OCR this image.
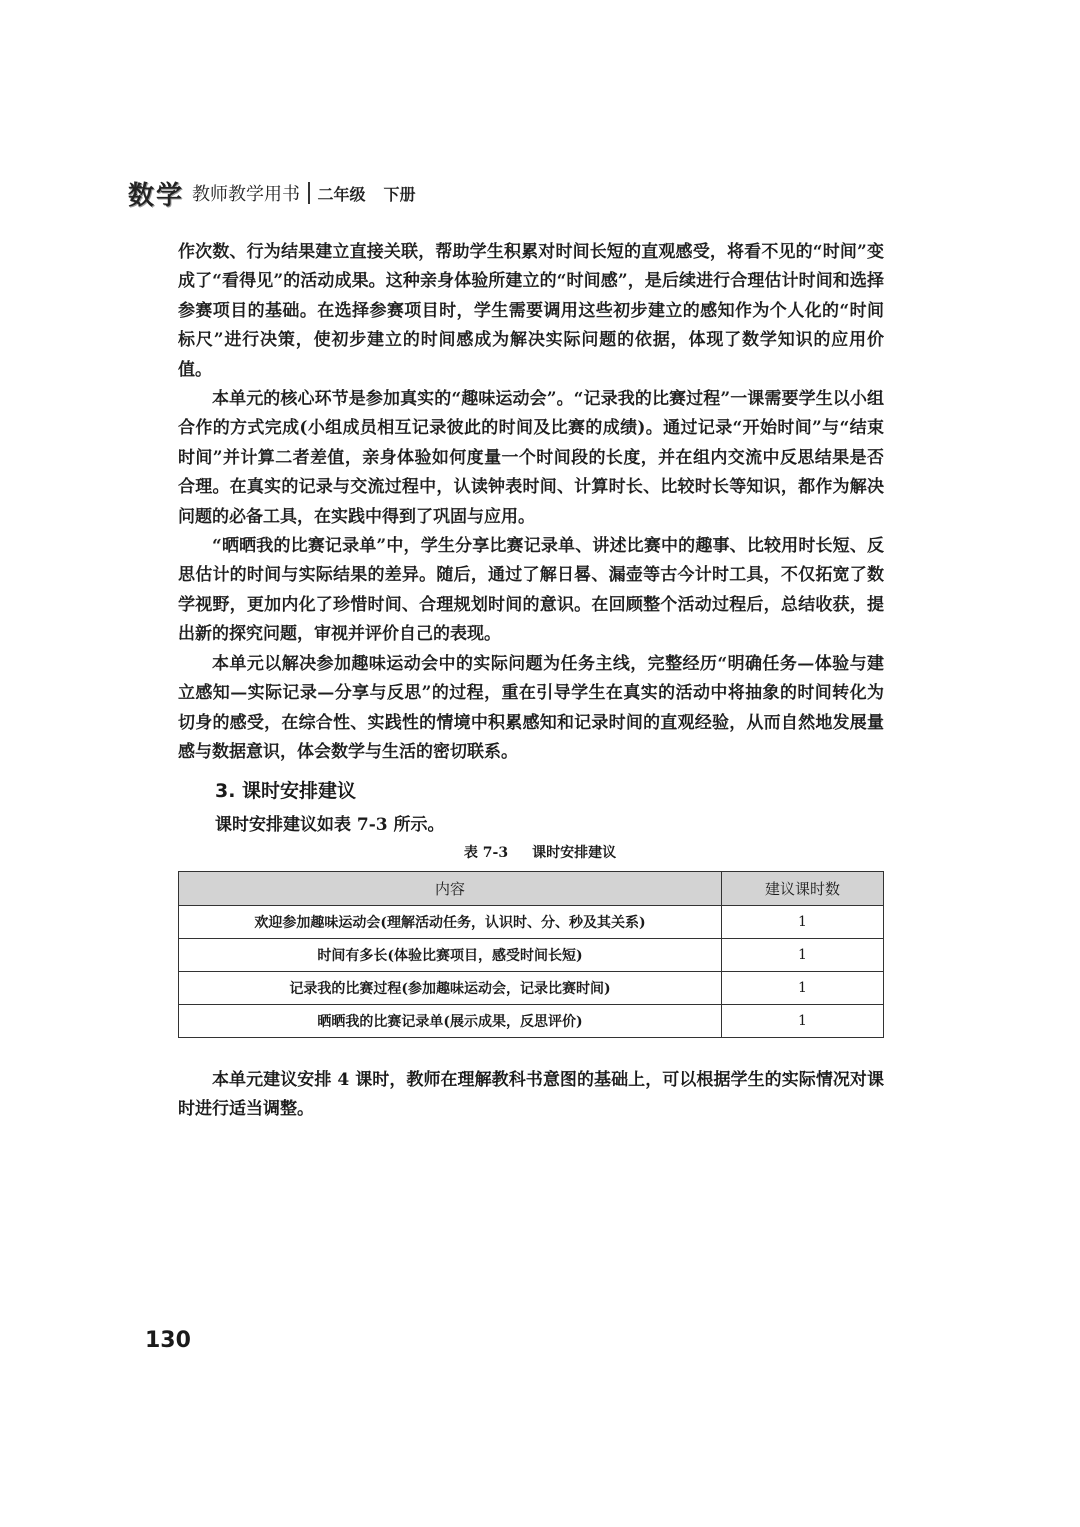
数学 教师教学用书 二年级 下册

作次数、行为结果建立直接关联，帮助学生积累对时间长短的直观感受，将看不见的“时间”变成了“看得见”的活动成果。这种亲身体验所建立的“时间感”，是后续进行合理估计时间和选择参赛项目的基础。在选择参赛项目时，学生需要调用这些初步建立的感知作为个人化的“时间标尺”进行决策，使初步建立的时间感成为解决实际问题的依据，体现了数学知识的应用价值。

本单元的核心环节是参加真实的“趣味运动会”。“记录我的比赛过程”一课需要学生以小组合作的方式完成(小组成员相互记录彼此的时间及比赛的成绩)。通过记录“开始时间”与“结束时间”并计算二者差值，亲身体验如何度量一个时间段的长度，并在组内交流中反思结果是否合理。在真实的记录与交流过程中，认读钟表时间、计算时长、比较时长等知识，都作为解决问题的必备工具，在实践中得到了巩固与应用。

“晒晒我的比赛记录单”中，学生分享比赛记录单、讲述比赛中的趣事、比较用时长短、反思估计的时间与实际结果的差异。随后，通过了解日晷、漏壶等古今计时工具，不仅拓宽了数学视野，更加内化了珍惜时间、合理规划时间的意识。在回顾整个活动过程后，总结收获，提出新的探究问题，审视并评价自己的表现。

本单元以解决参加趣味运动会中的实际问题为任务主线，完整经历“明确任务—体验与建立感知—实际记录—分享与反思”的过程，重在引导学生在真实的活动中将抽象的时间转化为切身的感受，在综合性、实践性的情境中积累感知和记录时间的直观经验，从而自然地发展量感与数据意识，体会数学与生活的密切联系。

3. 课时安排建议
课时安排建议如表 7-3 所示。
表 7-3 课时安排建议
内容	建议课时数
欢迎参加趣味运动会(理解活动任务，认识时、分、秒及其关系)	1
时间有多长(体验比赛项目，感受时间长短)	1
记录我的比赛过程(参加趣味运动会，记录比赛时间)	1
晒晒我的比赛记录单(展示成果，反思评价)	1

本单元建议安排 4 课时，教师在理解教科书意图的基础上，可以根据学生的实际情况对课时进行适当调整。

130
